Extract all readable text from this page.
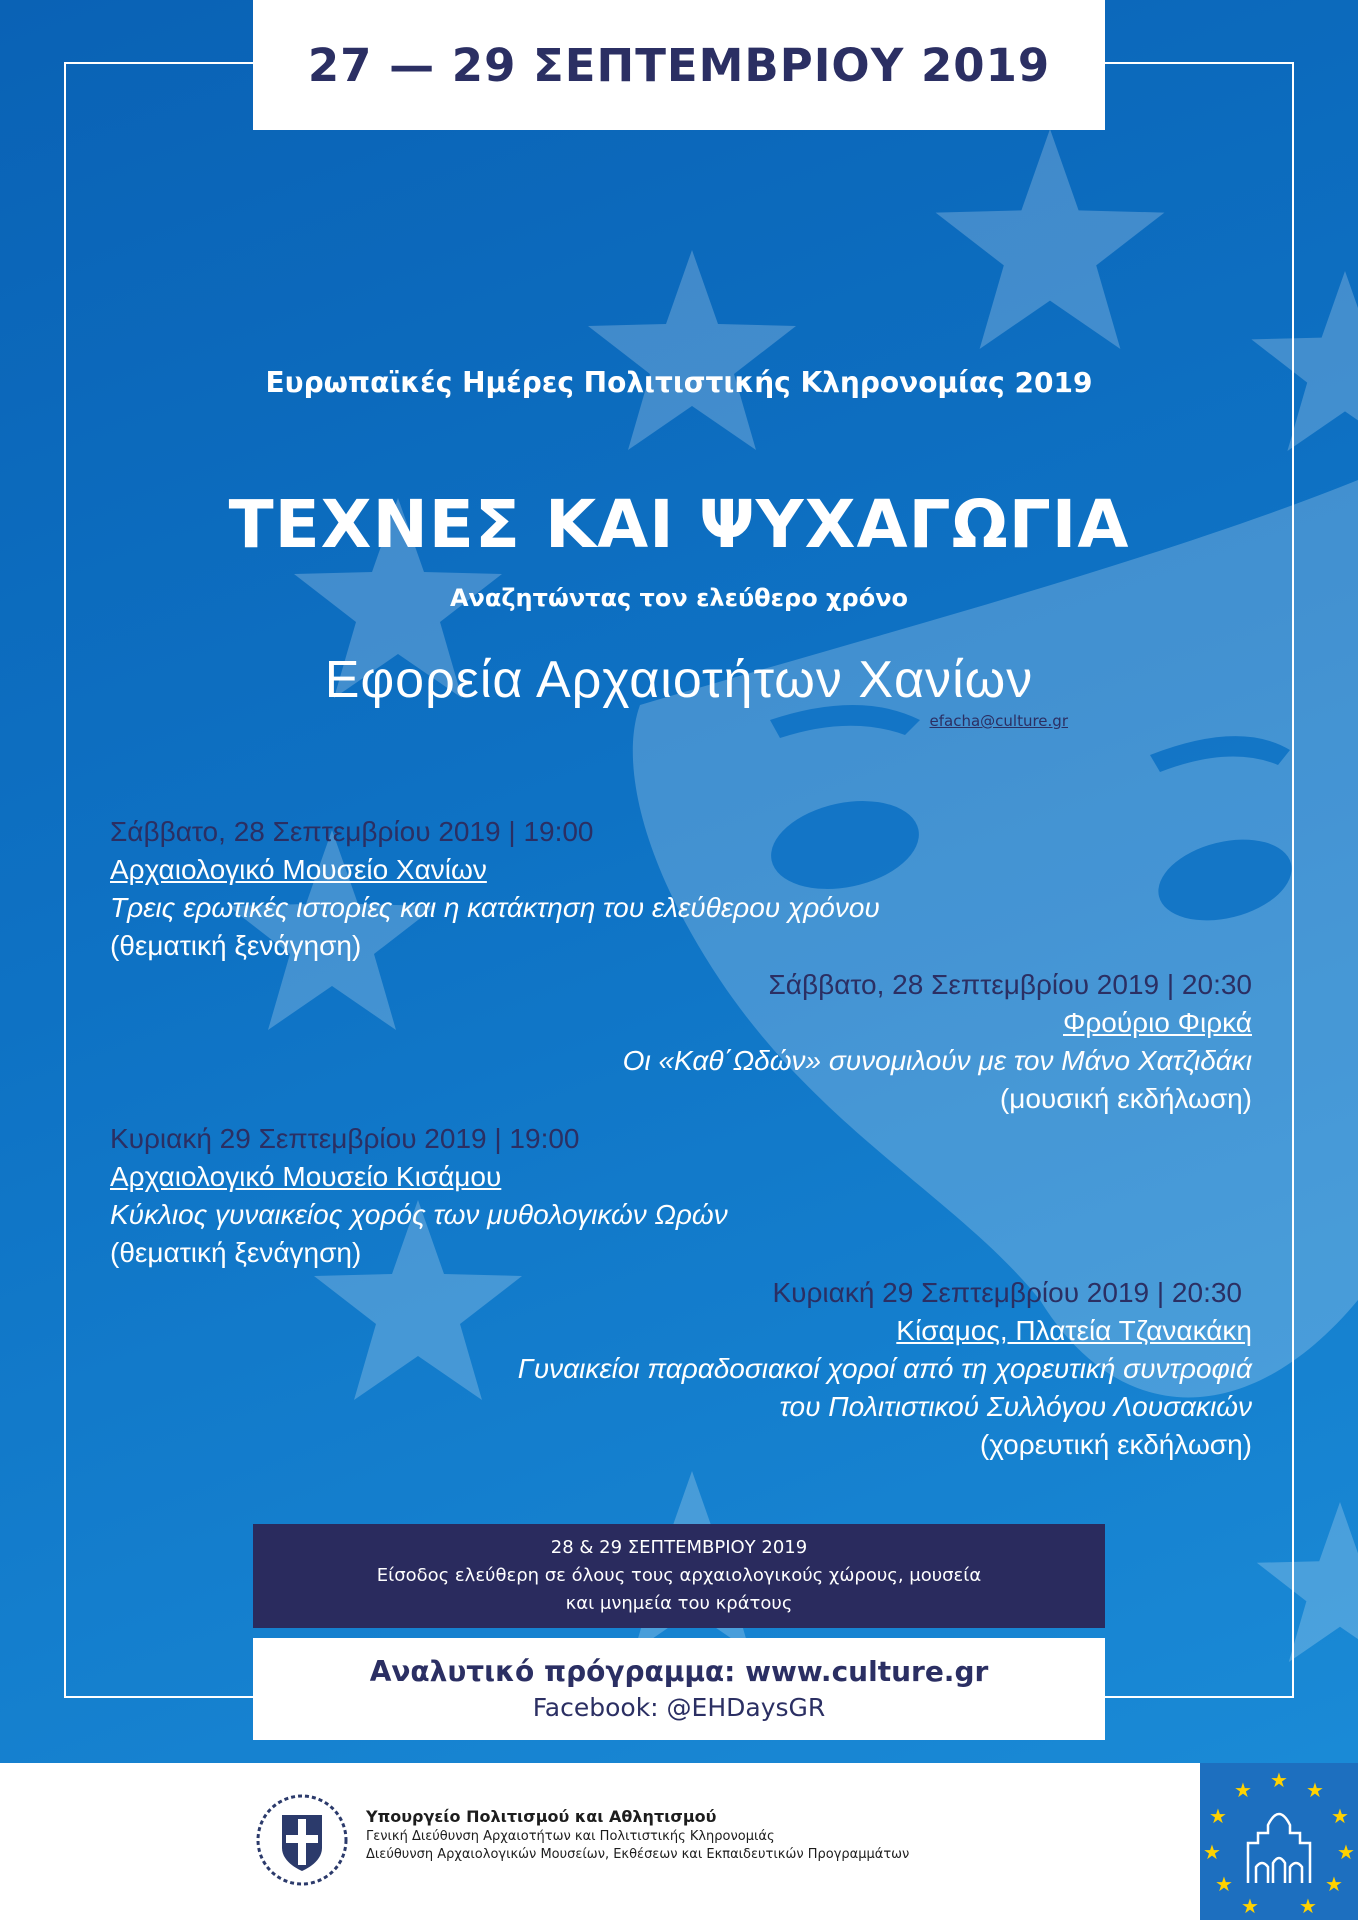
27 — 29 ΣΕΠΤΕΜΒΡΙΟΥ 2019
Ευρωπαϊκές Ημέρες Πολιτιστικής Κληρονομίας 2019
ΤΕΧΝΕΣ ΚΑΙ ΨΥΧΑΓΩΓΙΑ
Αναζητώντας τον ελεύθερο χρόνο
Εφορεία Αρχαιοτήτων Χανίων
efacha@culture.gr
Σάββατο, 28 Σεπτεμβρίου 2019 | 19:00
Αρχαιολογικό Μουσείο Χανίων
Τρεις ερωτικές ιστορίες και η κατάκτηση του ελεύθερου χρόνου
(θεματική ξενάγηση)
Σάββατο, 28 Σεπτεμβρίου 2019 | 20:30
Φρούριο Φιρκά
Οι «Καθ΄Ωδών» συνομιλούν με τον Μάνο Χατζιδάκι
(μουσική εκδήλωση)
Κυριακή 29 Σεπτεμβρίου 2019 | 19:00
Αρχαιολογικό Μουσείο Κισάμου
Κύκλιος γυναικείος χορός των μυθολογικών Ωρών
(θεματική ξενάγηση)
Κυριακή 29 Σεπτεμβρίου 2019 | 20:30
Κίσαμος, Πλατεία Τζανακάκη
Γυναικείοι παραδοσιακοί χοροί από τη χορευτική συντροφιά
του Πολιτιστικού Συλλόγου Λουσακιών
(χορευτική εκδήλωση)
28 & 29 ΣΕΠΤΕΜΒΡΙΟΥ 2019
Είσοδος ελεύθερη σε όλους τους αρχαιολογικούς χώρους, μουσεία
και μνημεία του κράτους
Αναλυτικό πρόγραμμα: www.culture.gr
Facebook: @EHDaysGR
Υπουργείο Πολιτισμού και Αθλητισμού
Γενική Διεύθυνση Αρχαιοτήτων και Πολιτιστικής Κληρονομιάς
Διεύθυνση Αρχαιολογικών Μουσείων, Εκθέσεων και Εκπαιδευτικών Προγραμμάτων
★ ★
★
★
★
★
★
★
★
★
★
